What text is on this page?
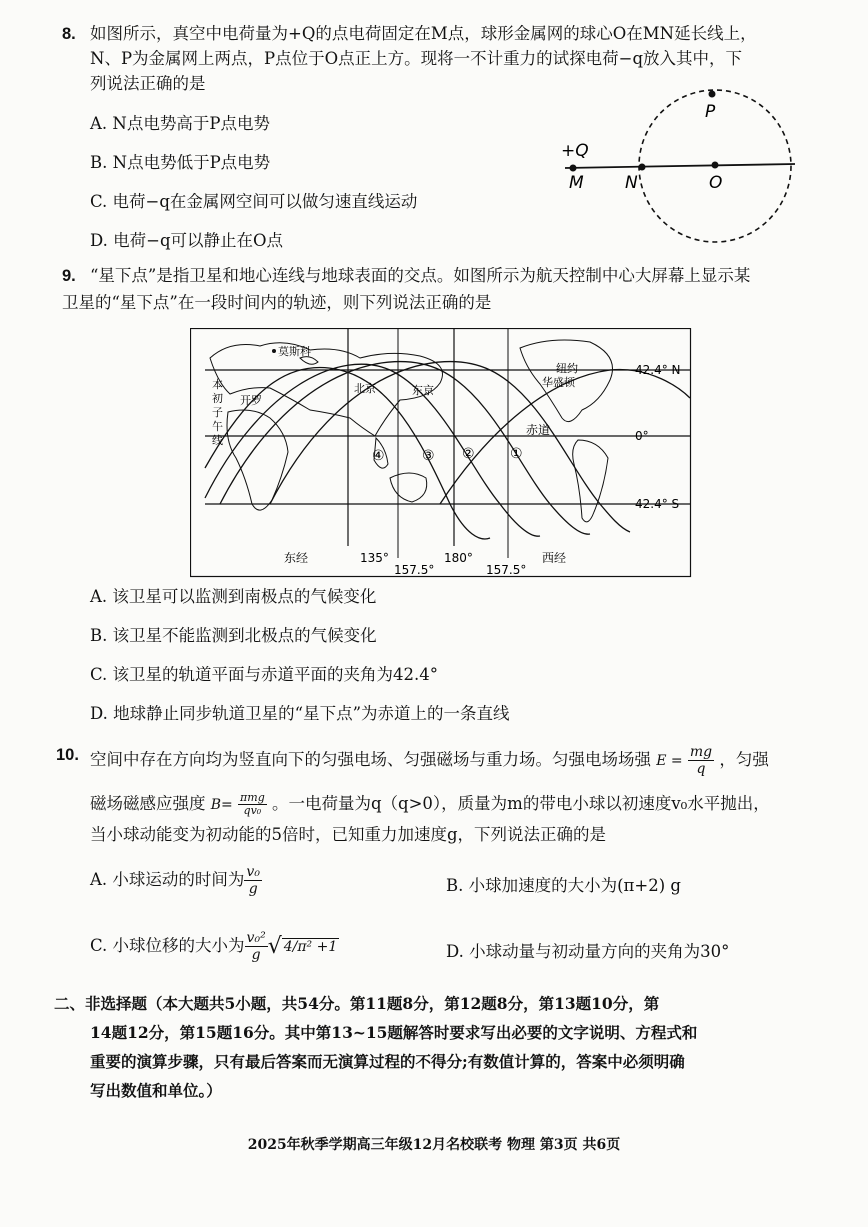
8. 如图所示，真空中电荷量为+Q的点电荷固定在M点，球形金属网的球心O在MN延长线上，
N、P为金属网上两点，P点位于O点正上方。现将一不计重力的试探电荷−q放入其中，下
列说法正确的是
A. N点电势高于P点电势
B. N点电势低于P点电势
C. 电荷−q在金属网空间可以做匀速直线运动
D. 电荷−q可以静止在O点
+Q
M N	O
P
9. “星下点”是指卫星和地心连线与地球表面的交点。如图所示为航天控制中心大屏幕上显示某
卫星的“星下点”在一段时间内的轨迹，则下列说法正确的是
42.4° N
0°
42.4° S
莫斯科
本
初
子
午
线
开罗
北京	东京
纽约
华盛顿
赤道
④	③ ②	①
东经	西经
135°	180°
157.5°	157.5°
A. 该卫星可以监测到南极点的气候变化
B. 该卫星不能监测到北极点的气候变化
C. 该卫星的轨道平面与赤道平面的夹角为42.4°
D. 地球静止同步轨道卫星的“星下点”为赤道上的一条直线
10. 空间中存在方向均为竖直向下的匀强电场、匀强磁场与重力场。匀强电场场强 $E = \frac{mg}{q}$ ，匀强
磁场磁感应强度 $B= \frac{\text{πmg}}{\text{qv₀}}$ 。一电荷量为q（q>0），质量为m的带电小球以初速度v₀水平抛出，
当小球动能变为初动能的5倍时，已知重力加速度g，下列说法正确的是
A. 小球运动的时间为 $\frac{\text{v₀}}{g}$	B. 小球加速度的大小为(π+2) g
C. 小球位移的大小为 $\frac{\text{v₀²}}{g}$ √ 4/π² +1	D. 小球动量与初动量方向的夹角为30°
二、非选择题（本大题共5小题，共54分。第11题8分，第12题8分，第13题10分，第
14题12分，第15题16分。其中第13~15题解答时要求写出必要的文字说明、方程式和
重要的演算步骤，只有最后答案而无演算过程的不得分;有数值计算的，答案中必须明确
写出数值和单位。）
2025年秋季学期高三年级12月名校联考 物理 第3页 共6页
